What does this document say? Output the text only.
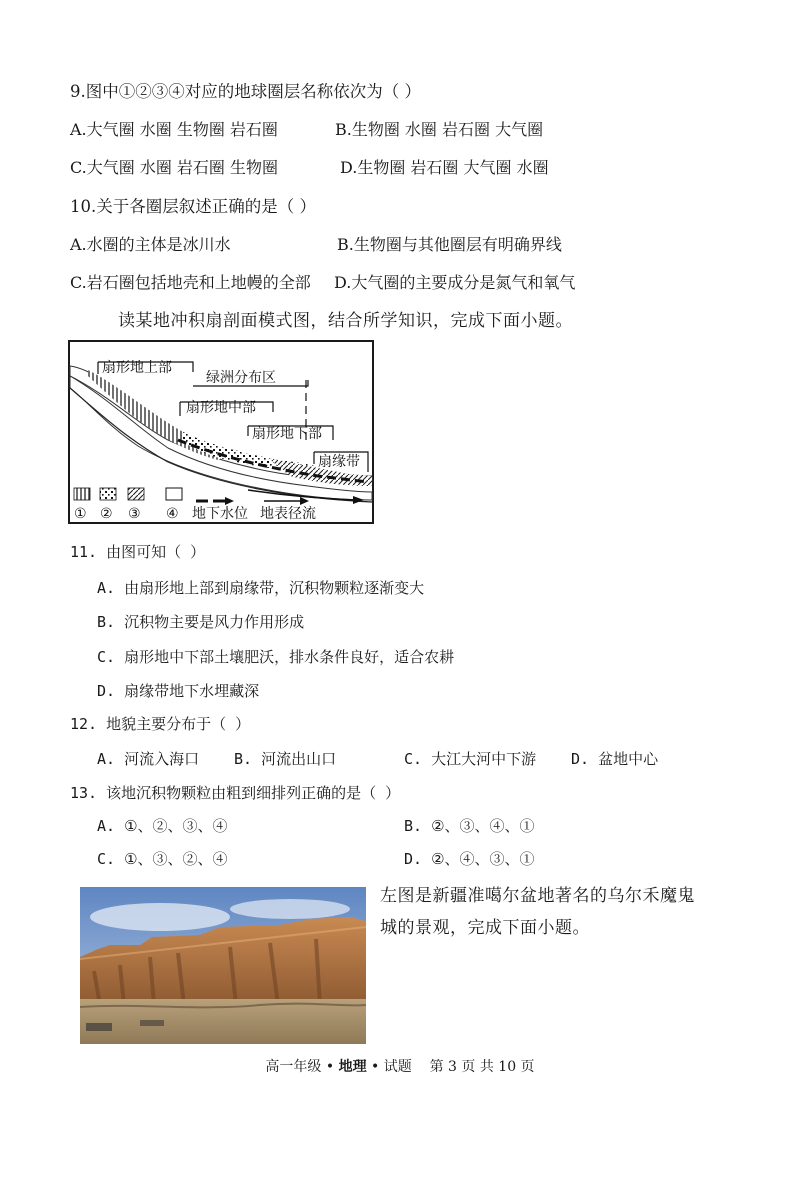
9.图中①②③④对应的地球圈层名称依次为（ ）
A.大气圈 水圈 生物圈 岩石圈	B.生物圈 水圈 岩石圈 大气圈
C.大气圈 水圈 岩石圈 生物圈	D.生物圈 岩石圈 大气圈 水圈
10.关于各圈层叙述正确的是（ ）
A.水圈的主体是冰川水	B.生物圈与其他圈层有明确界线
C.岩石圈包括地壳和上地幔的全部 D.大气圈的主要成分是氮气和氧气
读某地冲积扇剖面模式图，结合所学知识，完成下面小题。
扇形地上部
绿洲分布区
扇形地中部
扇形地下部
扇缘带
① ② ③ ④ 地下水位 地表径流
11. 由图可知（ ）
A. 由扇形地上部到扇缘带，沉积物颗粒逐渐变大
B. 沉积物主要是风力作用形成
C. 扇形地中下部土壤肥沃，排水条件良好，适合农耕
D. 扇缘带地下水埋藏深
12. 地貌主要分布于（ ）
A. 河流入海口 B. 河流出山口	C. 大江大河中下游 D. 盆地中心
13. 该地沉积物颗粒由粗到细排列正确的是（ ）
A. ①、②、③、④	B. ②、③、④、①
C. ①、③、②、④	D. ②、④、③、①
左图是新疆准噶尔盆地著名的乌尔禾魔鬼
城的景观，完成下面小题。
高一年级 • 地理 • 试题 第 3 页 共 10 页
